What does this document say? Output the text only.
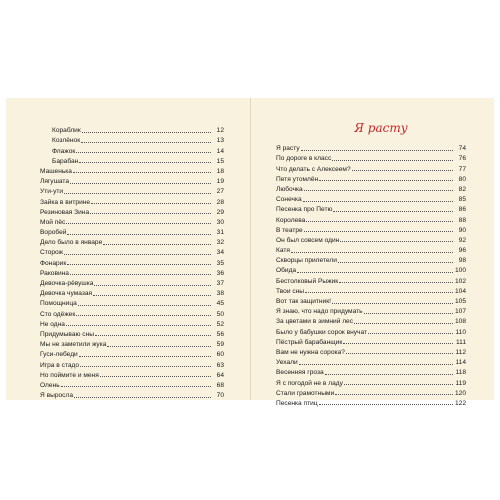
Кораблик	12
Козлёнок	13
Флажок	14
Барабан	15
Машенька	18
Лягушата	19
Ути-ути	27
Зайка в витрине	28
Резиновая Зина	29
Мой пёс	30
Воробей	31
Дело было в январе	32
Сторож	34
Фонарик	35
Раковина	36
Девочка-рёвушка	37
Девочка чумазая	38
Помощница	45
Сто одёжек	50
Не одна	52
Придумываю сны	56
Мы не заметили жука	59
Гуси-лебеди	60
Игра в стадо	63
Но поймите и меня	64
Олень	68
Я выросла	70
Я расту
Я расту	74
По дороге в класс	76
Что делать с Алексеем?	77
Петя утомлён	80
Любочка	82
Сонечка	85
Песенка про Петю	86
Королева	88
В театре	90
Он был совсем один	92
Катя	96
Скворцы прилетели	98
Обида	100
Бестолковый Рыжик	102
Твои сны	104
Вот так защитник!	105
Я знаю, что надо придумать	107
За цветами в зимний лес	108
Было у бабушки сорок внучат	110
Пёстрый барабанщик	111
Вам не нужна сорока?	112
Уехали	114
Весенняя гроза	118
Я с погодой не в ладу	119
Стали грамотными	120
Песенка птиц	122
